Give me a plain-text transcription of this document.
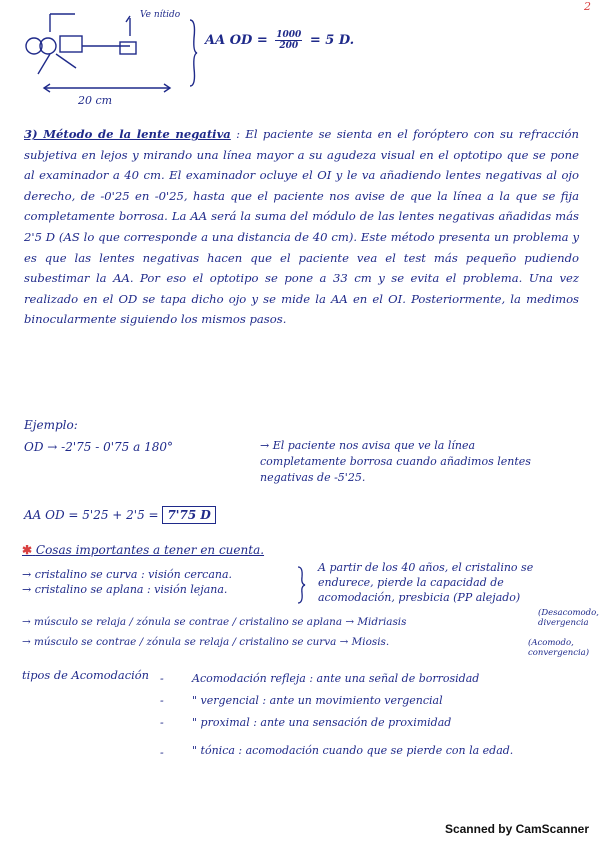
2
Ve nítido
20 cm
AA OD = $\frac{1000}{200} = 5$ D.
3) Método de la lente negativa : El paciente se sienta en el foróptero con su refracción subjetiva en lejos y mirando una línea mayor a su agudeza visual en el optotipo que se pone al examinador a 40 cm. El examinador ocluye el OI y le va añadiendo lentes negativas al ojo derecho, de -0'25 en -0'25, hasta que el paciente nos avise de que la línea a la que se fija completamente borrosa. La AA será la suma del módulo de las lentes negativas añadidas más 2'5 D (AS lo que corresponde a una distancia de 40 cm). Este método presenta un problema y es que las lentes negativas hacen que el paciente vea el test más pequeño pudiendo subestimar la AA. Por eso el optotipo se pone a 33 cm y se evita el problema. Una vez realizado en el OD se tapa dicho ojo y se mide la AA en el OI. Posteriormente, la medimos binocularmente siguiendo los mismos pasos.
Ejemplo:
OD → -2'75 - 0'75 a 180°	→ El paciente nos avisa que ve la línea completamente borrosa cuando añadimos lentes negativas de -5'25.
AA OD = 5'25 + 2'5 = 7'75 D
✱ Cosas importantes a tener en cuenta.
→ cristalino se curva : visión cercana.
→ cristalino se aplana : visión lejana.
A partir de los 40 años, el cristalino se endurece, pierde la capacidad de acomodación, presbicia (PP alejado)
→ músculo se relaja / zónula se contrae / cristalino se aplana → Midriasis
→ músculo se contrae / zónula se relaja / cristalino se curva → Miosis.
(Desacomodo, divergencia
(Acomodo, convergencia)
tipos de Acomodación -	Acomodación refleja : ante una señal de borrosidad
-	" vergencial : ante un movimiento vergencial
-	" proximal : ante una sensación de proximidad
-	" tónica : acomodación cuando que se pierde con la edad.
Scanned by CamScanner
